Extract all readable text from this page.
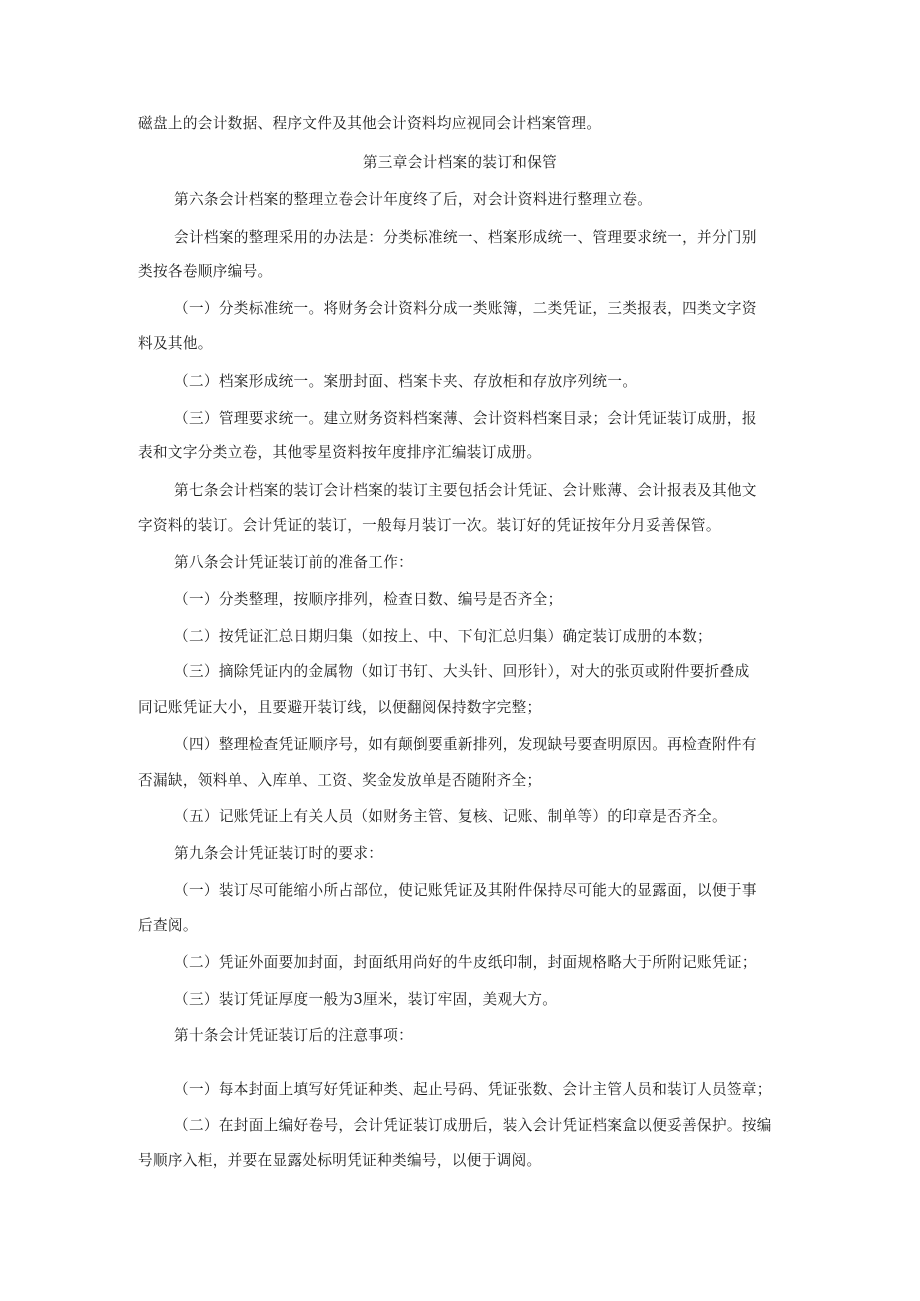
磁盘上的会计数据、程序文件及其他会计资料均应视同会计档案管理。

第三章会计档案的装订和保管

第六条会计档案的整理立卷会计年度终了后，对会计资料进行整理立卷。

会计档案的整理采用的办法是：分类标准统一、档案形成统一、管理要求统一，并分门别

类按各卷顺序编号。

（一）分类标准统一。将财务会计资料分成一类账簿，二类凭证，三类报表，四类文字资

料及其他。

（二）档案形成统一。案册封面、档案卡夹、存放柜和存放序列统一。

（三）管理要求统一。建立财务资料档案薄、会计资料档案目录；会计凭证装订成册，报

表和文字分类立卷，其他零星资料按年度排序汇编装订成册。

第七条会计档案的装订会计档案的装订主要包括会计凭证、会计账薄、会计报表及其他文

字资料的装订。会计凭证的装订，一般每月装订一次。装订好的凭证按年分月妥善保管。

第八条会计凭证装订前的准备工作：

（一）分类整理，按顺序排列，检查日数、编号是否齐全；

（二）按凭证汇总日期归集（如按上、中、下旬汇总归集）确定装订成册的本数；

（三）摘除凭证内的金属物（如订书钉、大头针、回形针），对大的张页或附件要折叠成

同记账凭证大小，且要避开装订线，以便翻阅保持数字完整；

（四）整理检查凭证顺序号，如有颠倒要重新排列，发现缺号要查明原因。再检查附件有

否漏缺，领料单、入库单、工资、奖金发放单是否随附齐全；

（五）记账凭证上有关人员（如财务主管、复核、记账、制单等）的印章是否齐全。

第九条会计凭证装订时的要求：

（一）装订尽可能缩小所占部位，使记账凭证及其附件保持尽可能大的显露面，以便于事

后查阅。

（二）凭证外面要加封面，封面纸用尚好的牛皮纸印制，封面规格略大于所附记账凭证；

（三）装订凭证厚度一般为3厘米，装订牢固，美观大方。

第十条会计凭证装订后的注意事项：

（一）每本封面上填写好凭证种类、起止号码、凭证张数、会计主管人员和装订人员签章；

（二）在封面上编好卷号，会计凭证装订成册后，装入会计凭证档案盒以便妥善保护。按编

号顺序入柜，并要在显露处标明凭证种类编号，以便于调阅。
